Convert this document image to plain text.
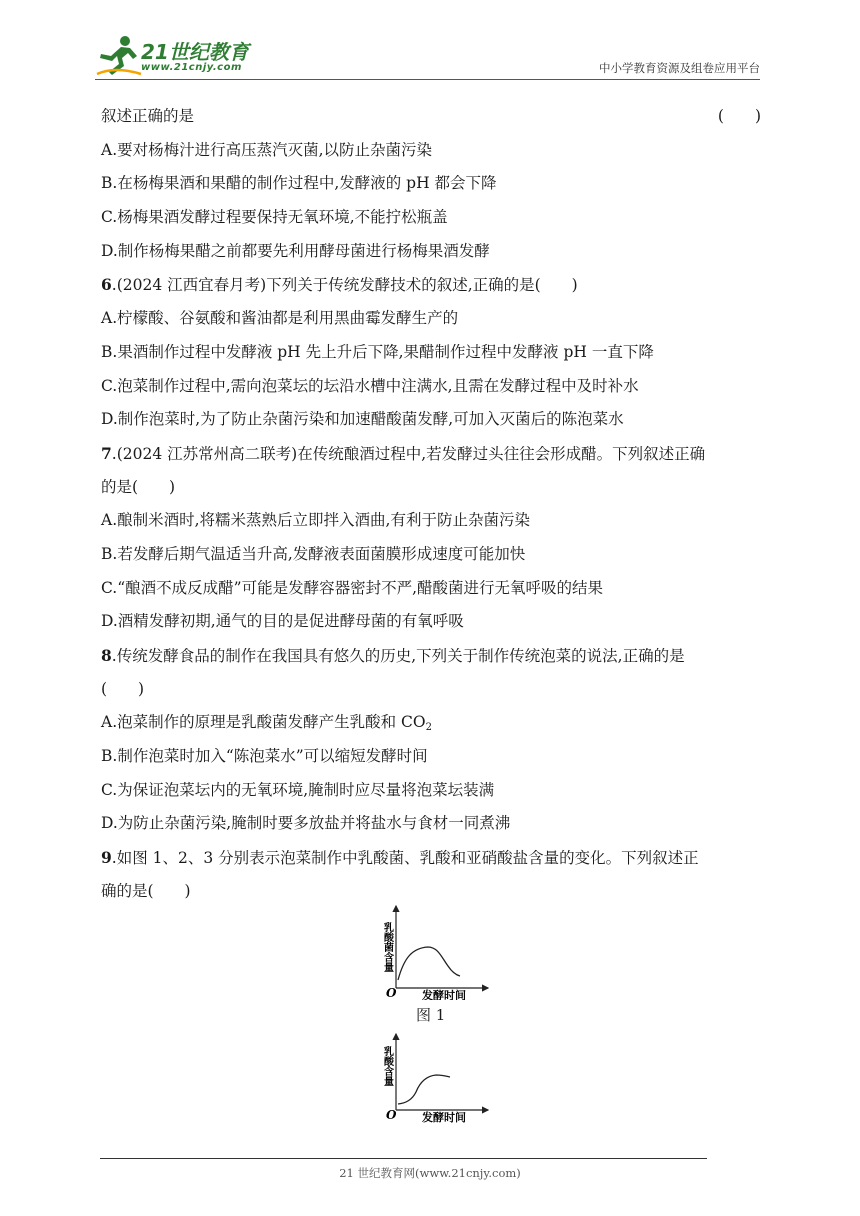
21世纪教育
www.21cnjy.com	中小学教育资源及组卷应用平台
叙述正确的是	(　　)
A.要对杨梅汁进行高压蒸汽灭菌,以防止杂菌污染
B.在杨梅果酒和果醋的制作过程中,发酵液的 pH 都会下降
C.杨梅果酒发酵过程要保持无氧环境,不能拧松瓶盖
D.制作杨梅果醋之前都要先利用酵母菌进行杨梅果酒发酵
6.(2024 江西宜春月考)下列关于传统发酵技术的叙述,正确的是(　　)
A.柠檬酸、谷氨酸和酱油都是利用黑曲霉发酵生产的
B.果酒制作过程中发酵液 pH 先上升后下降,果醋制作过程中发酵液 pH 一直下降
C.泡菜制作过程中,需向泡菜坛的坛沿水槽中注满水,且需在发酵过程中及时补水
D.制作泡菜时,为了防止杂菌污染和加速醋酸菌发酵,可加入灭菌后的陈泡菜水
7.(2024 江苏常州高二联考)在传统酿酒过程中,若发酵过头往往会形成醋。下列叙述正确
的是(　　)
A.酿制米酒时,将糯米蒸熟后立即拌入酒曲,有利于防止杂菌污染
B.若发酵后期气温适当升高,发酵液表面菌膜形成速度可能加快
C.“酿酒不成反成醋”可能是发酵容器密封不严,醋酸菌进行无氧呼吸的结果
D.酒精发酵初期,通气的目的是促进酵母菌的有氧呼吸
8.传统发酵食品的制作在我国具有悠久的历史,下列关于制作传统泡菜的说法,正确的是
(　　)
A.泡菜制作的原理是乳酸菌发酵产生乳酸和 $CO_2$
B.制作泡菜时加入“陈泡菜水”可以缩短发酵时间
C.为保证泡菜坛内的无氧环境,腌制时应尽量将泡菜坛装满
D.为防止杂菌污染,腌制时要多放盐并将盐水与食材一同煮沸
9.如图 1、2、3 分别表示泡菜制作中乳酸菌、乳酸和亚硝酸盐含量的变化。下列叙述正
确的是(　　)
乳酸菌含量
O 发酵时间
图 1
乳酸含量
O 发酵时间
21 世纪教育网(www.21cnjy.com)
